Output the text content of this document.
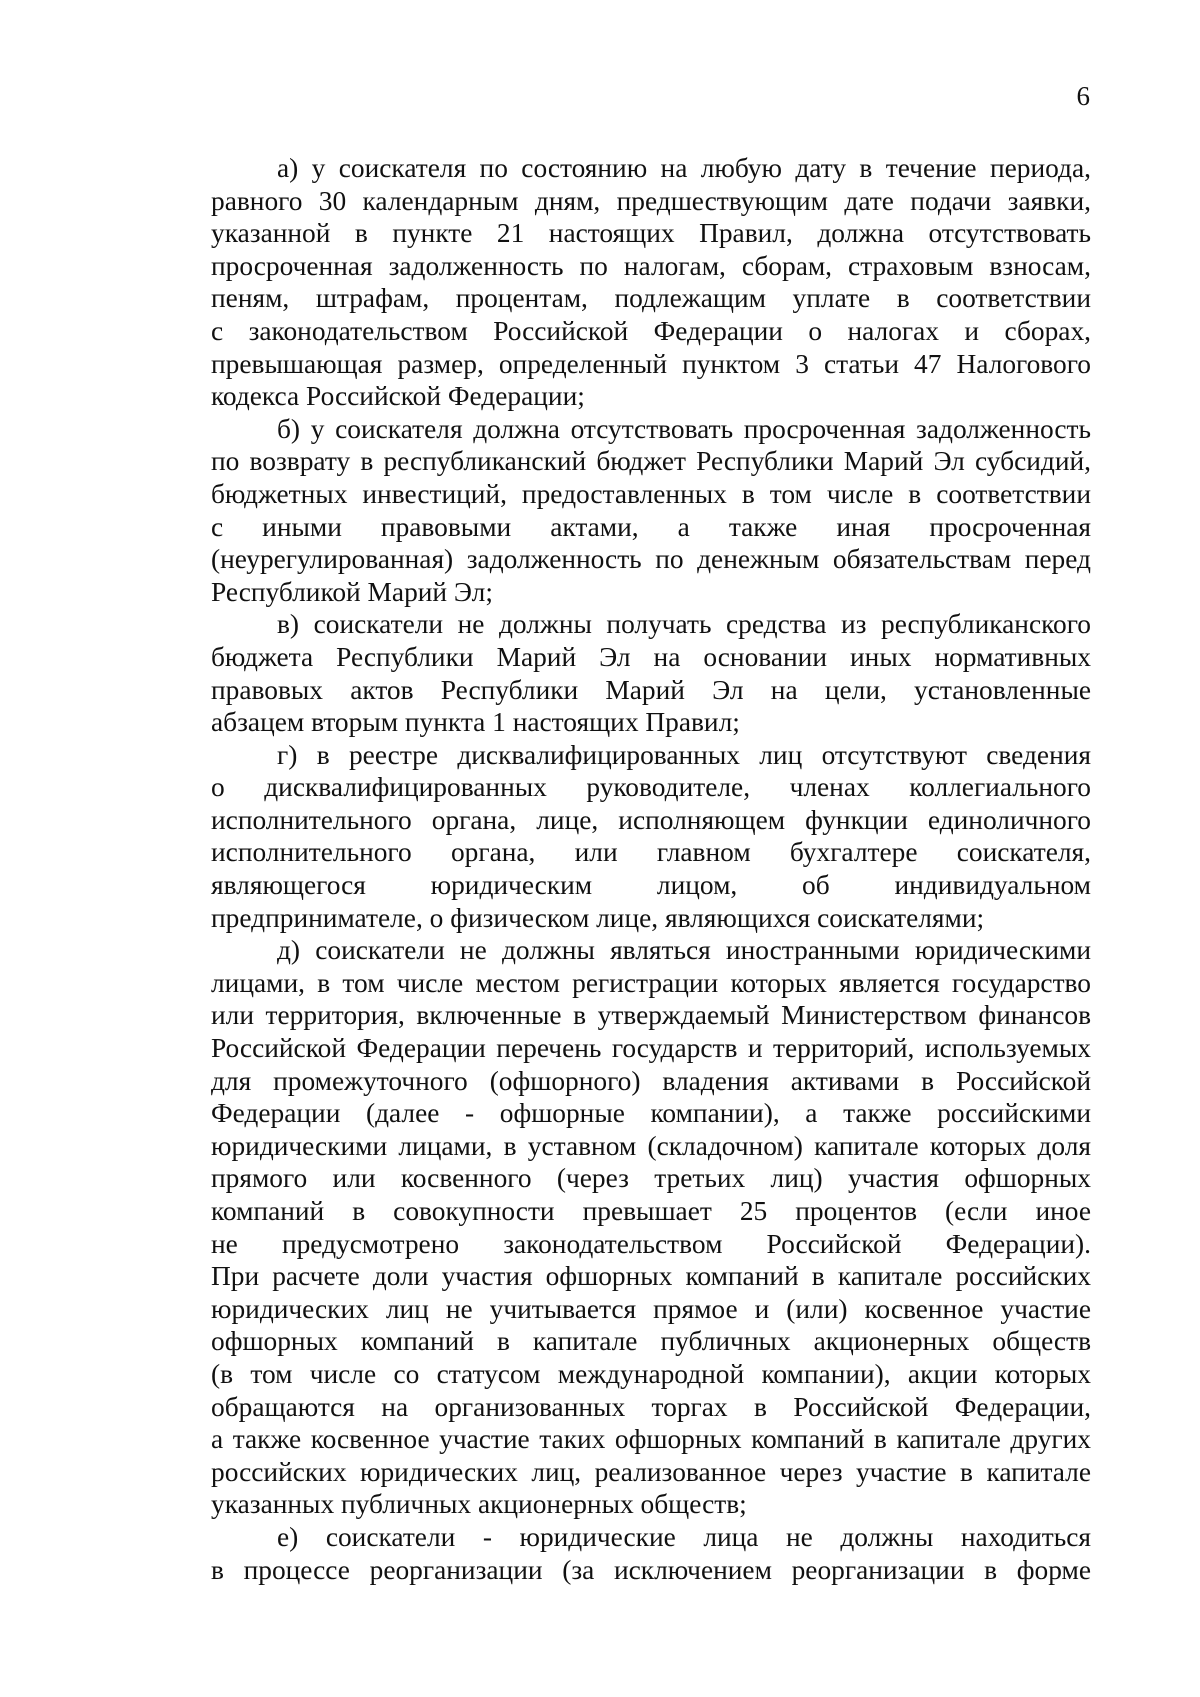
6

а) у соискателя по состоянию на любую дату в течение периода,
равного 30 календарным дням, предшествующим дате подачи заявки,
указанной в пункте 21 настоящих Правил, должна отсутствовать
просроченная задолженность по налогам, сборам, страховым взносам,
пеням, штрафам, процентам, подлежащим уплате в соответствии
с законодательством Российской Федерации о налогах и сборах,
превышающая размер, определенный пунктом 3 статьи 47 Налогового
кодекса Российской Федерации;

б) у соискателя должна отсутствовать просроченная задолженность
по возврату в республиканский бюджет Республики Марий Эл субсидий,
бюджетных инвестиций, предоставленных в том числе в соответствии
с иными правовыми актами, а также иная просроченная
(неурегулированная) задолженность по денежным обязательствам перед
Республикой Марий Эл;

в) соискатели не должны получать средства из республиканского
бюджета Республики Марий Эл на основании иных нормативных
правовых актов Республики Марий Эл на цели, установленные
абзацем вторым пункта 1 настоящих Правил;

г) в реестре дисквалифицированных лиц отсутствуют сведения
о дисквалифицированных руководителе, членах коллегиального
исполнительного органа, лице, исполняющем функции единоличного
исполнительного органа, или главном бухгалтере соискателя,
являющегося юридическим лицом, об индивидуальном
предпринимателе, о физическом лице, являющихся соискателями;

д) соискатели не должны являться иностранными юридическими
лицами, в том числе местом регистрации которых является государство
или территория, включенные в утверждаемый Министерством финансов
Российской Федерации перечень государств и территорий, используемых
для промежуточного (офшорного) владения активами в Российской
Федерации (далее - офшорные компании), а также российскими
юридическими лицами, в уставном (складочном) капитале которых доля
прямого или косвенного (через третьих лиц) участия офшорных
компаний в совокупности превышает 25 процентов (если иное
не предусмотрено законодательством Российской Федерации).
При расчете доли участия офшорных компаний в капитале российских
юридических лиц не учитывается прямое и (или) косвенное участие
офшорных компаний в капитале публичных акционерных обществ
(в том числе со статусом международной компании), акции которых
обращаются на организованных торгах в Российской Федерации,
а также косвенное участие таких офшорных компаний в капитале других
российских юридических лиц, реализованное через участие в капитале
указанных публичных акционерных обществ;

е) соискатели - юридические лица не должны находиться
в процессе реорганизации (за исключением реорганизации в форме
